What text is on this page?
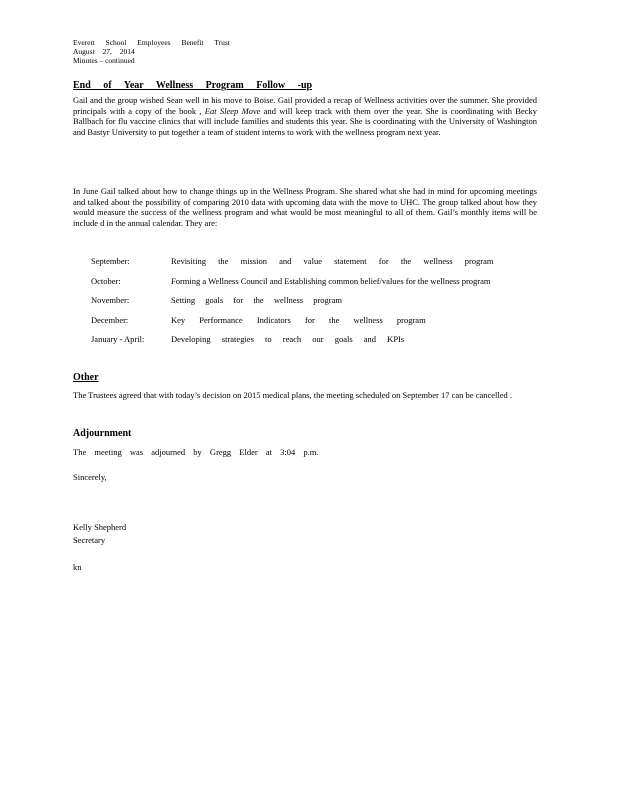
Everett School Employees Benefit Trust
August 27, 2014
Minutes – continued
End of Year Wellness Program Follow -up

Gail and the group wished Sean well in his move to Boise. Gail provided a recap of Wellness activities over the summer. She provided principals with a copy of the book , Eat Sleep Move and will keep track with them over the year. She is coordinating with Becky Ballbach for flu vaccine clinics that will include families and students this year. She is coordinating with the University of Washington and Bastyr University to put together a team of student interns to work with the wellness program next year.

In June Gail talked about how to change things up in the Wellness Program. She shared what she had in mind for upcoming meetings and talked about the possibility of comparing 2010 data with upcoming data with the move to UHC. The group talked about how they would measure the success of the wellness program and what would be most meaningful to all of them. Gail’s monthly items will be include d in the annual calendar. They are:

September:	Revisiting the mission and value statement for the wellness program
October:	Forming a Wellness Council and Establishing common belief/values for the wellness program
November:	Setting goals for the wellness program
December:	Key Performance Indicators for the wellness program
January - April:	Developing strategies to reach our goals and KPIs
Other

The Trustees agreed that with today’s decision on 2015 medical plans, the meeting scheduled on September 17 can be cancelled .

Adjournment

The meeting was adjourned by Gregg Elder at 3:04 p.m.

Sincerely,
Kelly Shepherd
Secretary
kn
